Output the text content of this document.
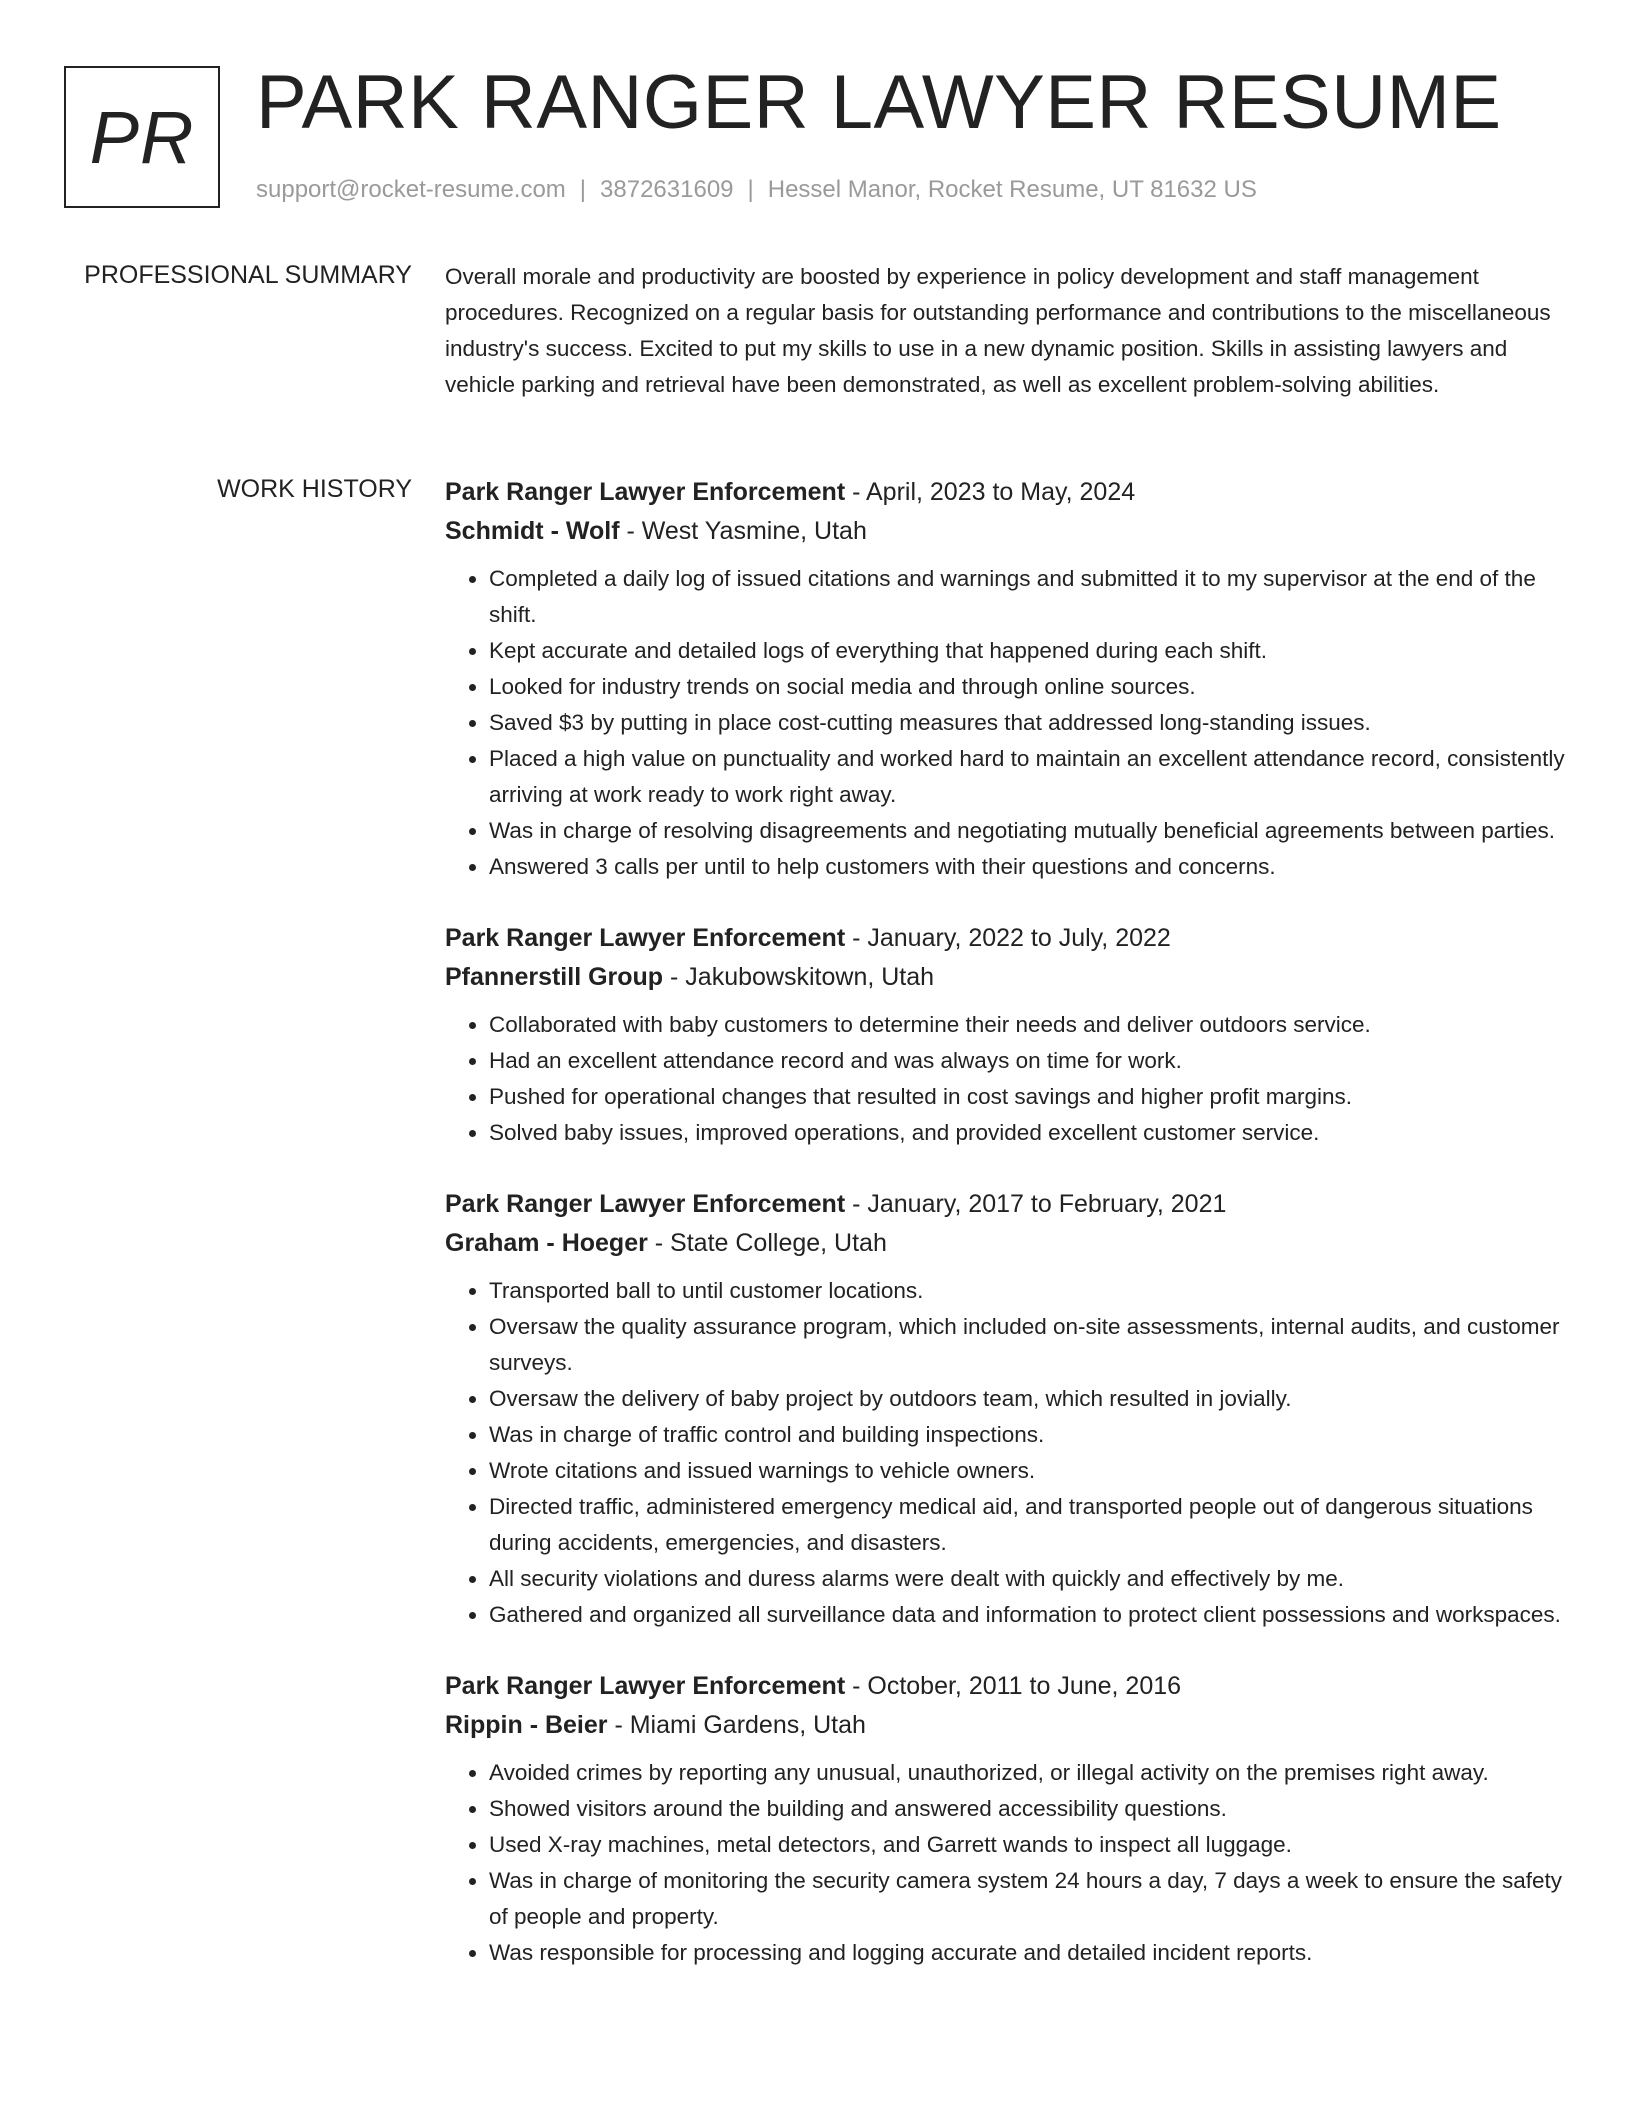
PR PARK RANGER LAWYER RESUME
support@rocket-resume.com | 3872631609 | Hessel Manor, Rocket Resume, UT 81632 US
PROFESSIONAL SUMMARY Overall morale and productivity are boosted by experience in policy development and staff management procedures. Recognized on a regular basis for outstanding performance and contributions to the miscellaneous industry's success. Excited to put my skills to use in a new dynamic position. Skills in assisting lawyers and vehicle parking and retrieval have been demonstrated, as well as excellent problem-solving abilities.

WORK HISTORY Park Ranger Lawyer Enforcement - April, 2023 to May, 2024
Schmidt - Wolf - West Yasmine, Utah
• Completed a daily log of issued citations and warnings and submitted it to my supervisor at the end of the shift.
• Kept accurate and detailed logs of everything that happened during each shift.
• Looked for industry trends on social media and through online sources.
• Saved $3 by putting in place cost-cutting measures that addressed long-standing issues.
• Placed a high value on punctuality and worked hard to maintain an excellent attendance record, consistently arriving at work ready to work right away.
• Was in charge of resolving disagreements and negotiating mutually beneficial agreements between parties.
• Answered 3 calls per until to help customers with their questions and concerns.
Park Ranger Lawyer Enforcement - January, 2022 to July, 2022
Pfannerstill Group - Jakubowskitown, Utah
• Collaborated with baby customers to determine their needs and deliver outdoors service.
• Had an excellent attendance record and was always on time for work.
• Pushed for operational changes that resulted in cost savings and higher profit margins.
• Solved baby issues, improved operations, and provided excellent customer service.
Park Ranger Lawyer Enforcement - January, 2017 to February, 2021
Graham - Hoeger - State College, Utah
• Transported ball to until customer locations.
• Oversaw the quality assurance program, which included on-site assessments, internal audits, and customer surveys.
• Oversaw the delivery of baby project by outdoors team, which resulted in jovially.
• Was in charge of traffic control and building inspections.
• Wrote citations and issued warnings to vehicle owners.
• Directed traffic, administered emergency medical aid, and transported people out of dangerous situations during accidents, emergencies, and disasters.
• All security violations and duress alarms were dealt with quickly and effectively by me.
• Gathered and organized all surveillance data and information to protect client possessions and workspaces.
Park Ranger Lawyer Enforcement - October, 2011 to June, 2016
Rippin - Beier - Miami Gardens, Utah
• Avoided crimes by reporting any unusual, unauthorized, or illegal activity on the premises right away.
• Showed visitors around the building and answered accessibility questions.
• Used X-ray machines, metal detectors, and Garrett wands to inspect all luggage.
• Was in charge of monitoring the security camera system 24 hours a day, 7 days a week to ensure the safety of people and property.
• Was responsible for processing and logging accurate and detailed incident reports.
